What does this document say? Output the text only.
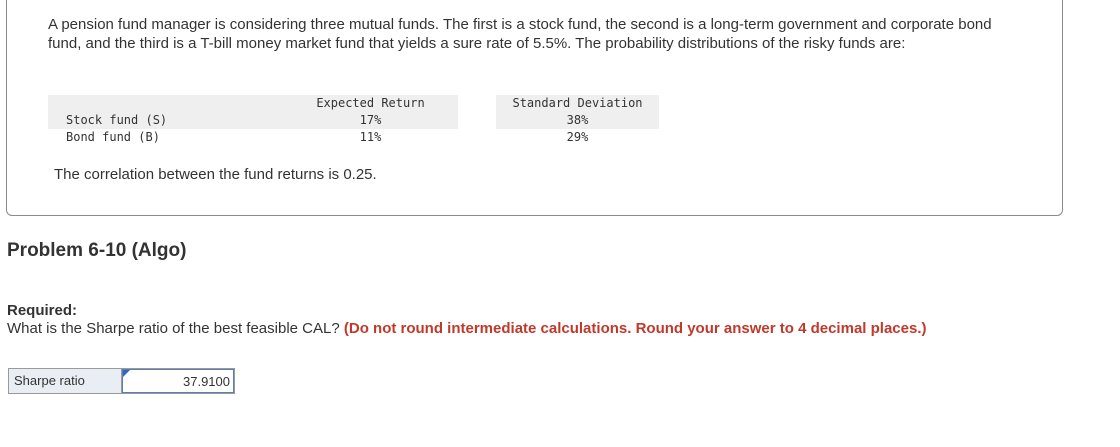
A pension fund manager is considering three mutual funds. The first is a stock fund, the second is a long-term government and corporate bond fund, and the third is a T-bill money market fund that yields a sure rate of 5.5%. The probability distributions of the risky funds are:
	Expected Return		Standard Deviation
Stock fund (S)	17%		38%
Bond fund (B)	11%		29%
The correlation between the fund returns is 0.25.
Problem 6-10 (Algo)
Required:
What is the Sharpe ratio of the best feasible CAL? (Do not round intermediate calculations. Round your answer to 4 decimal places.)
Sharpe ratio
37.9100
